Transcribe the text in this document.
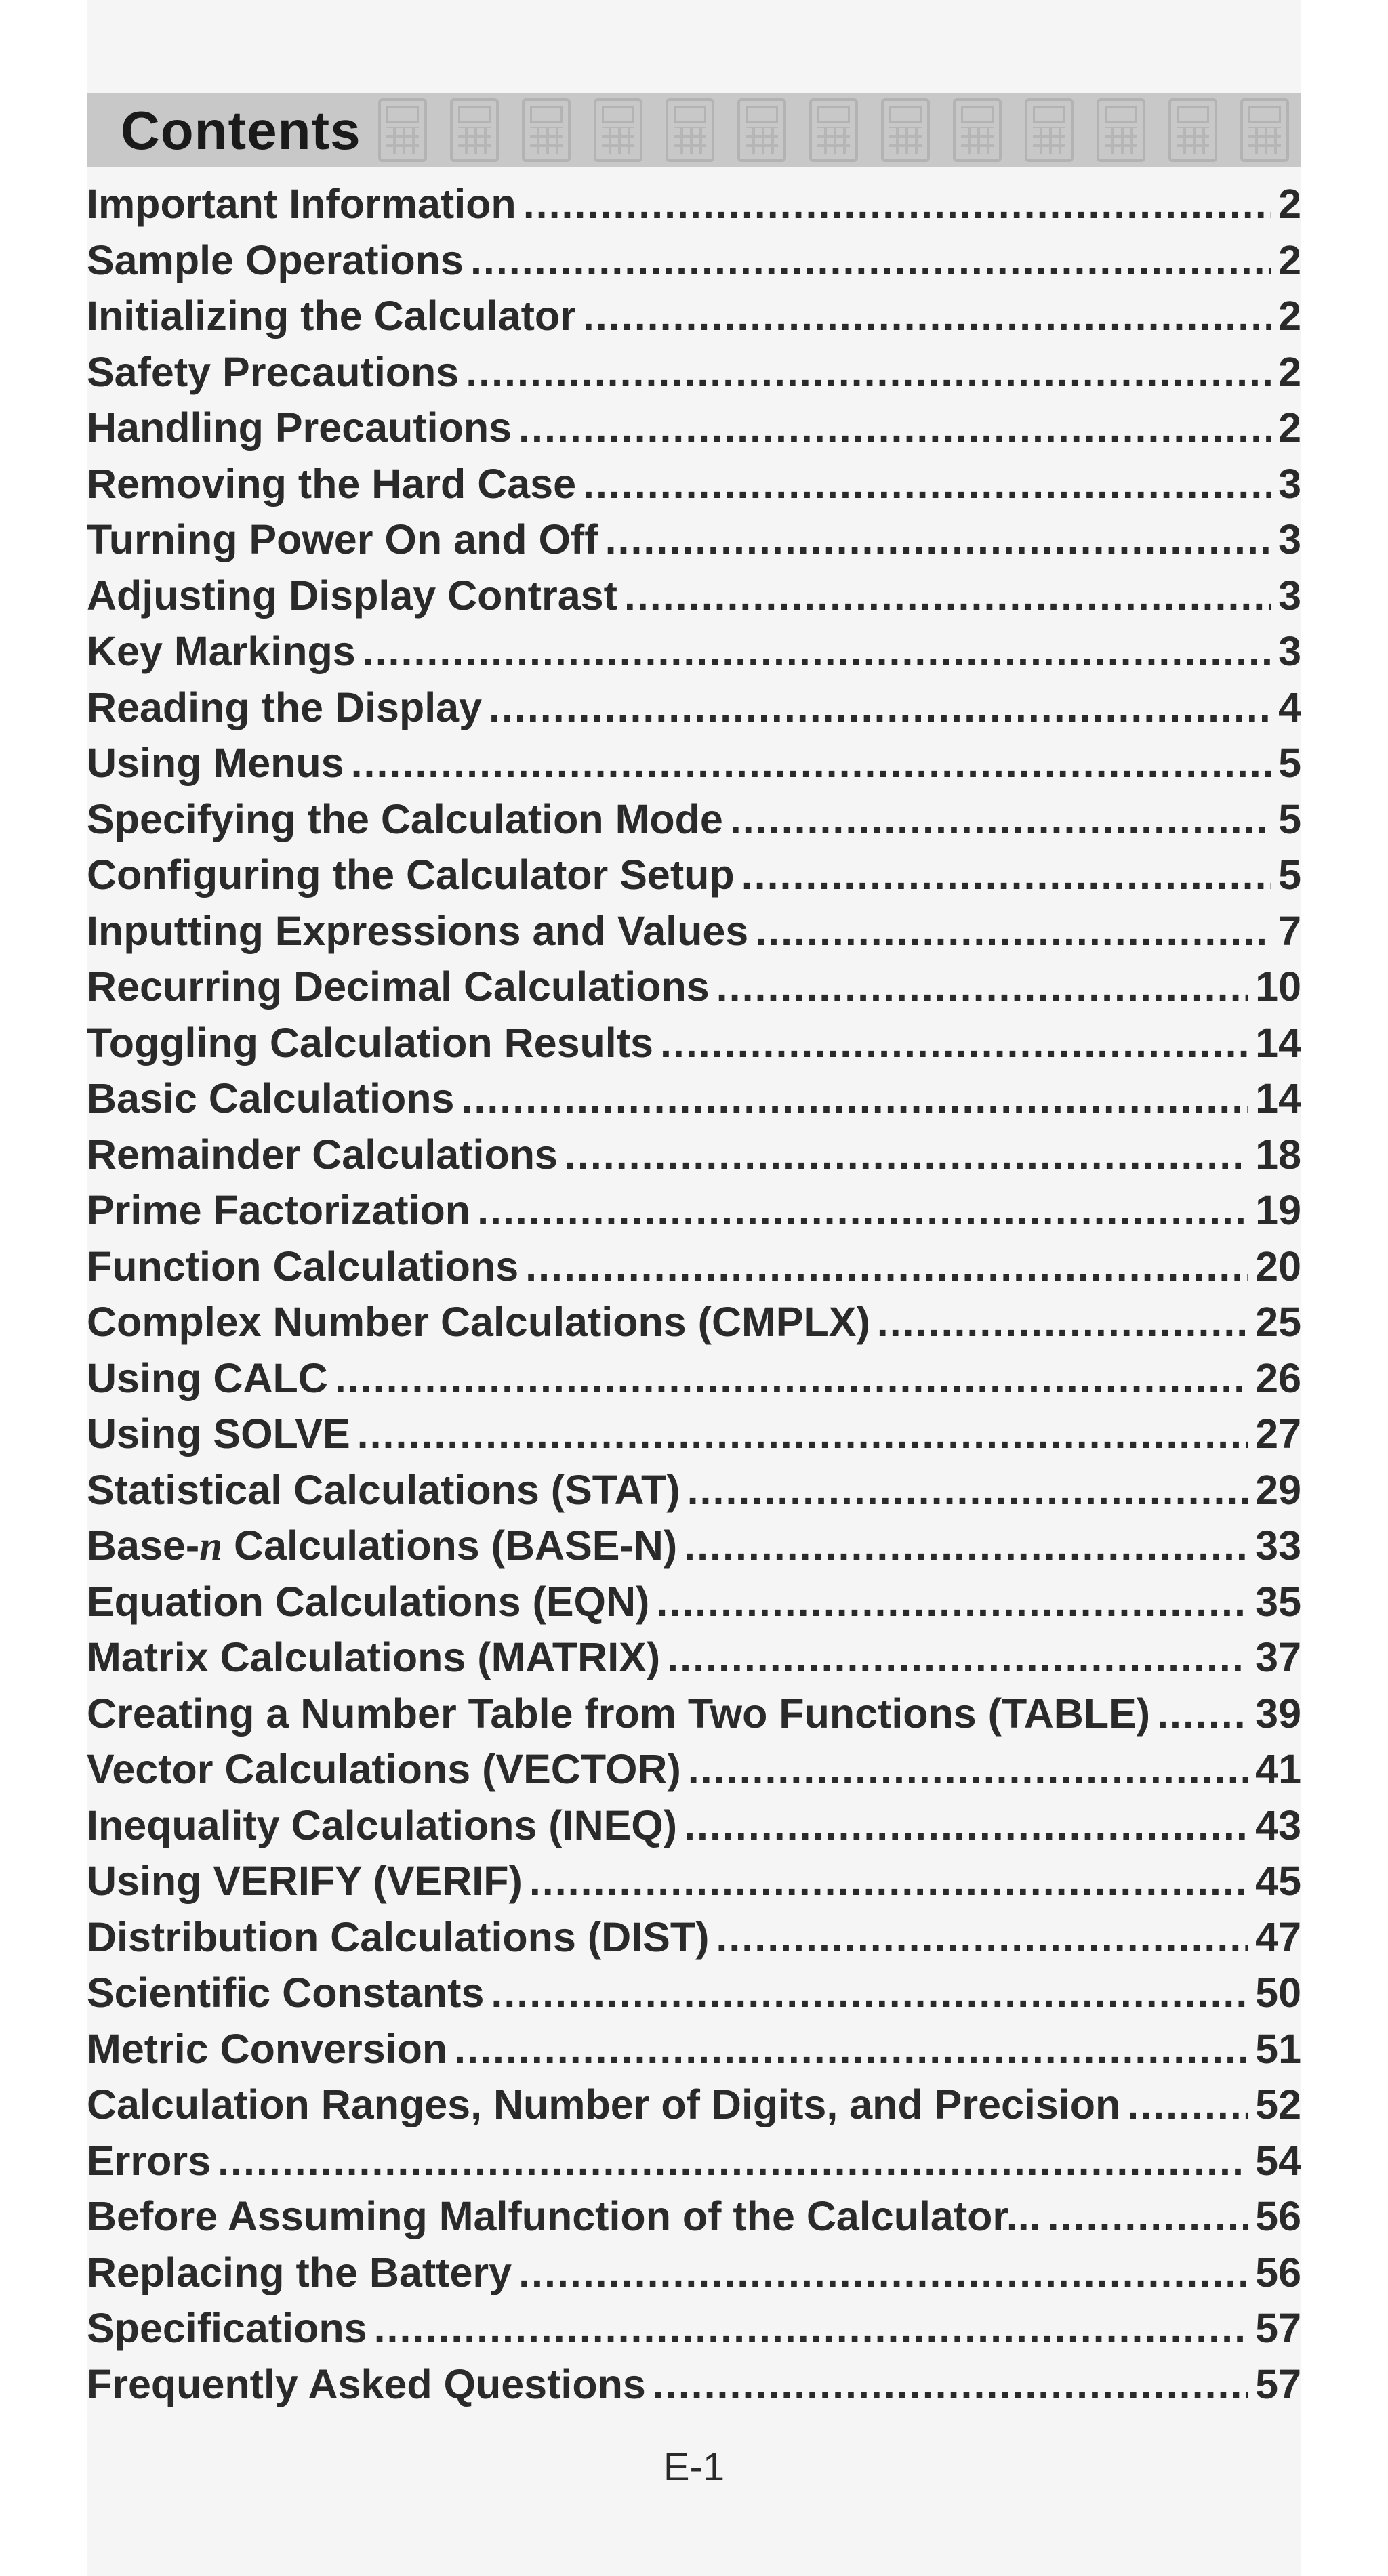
Contents
Important Information .....	2
Sample Operations .....	2
Initializing the Calculator .....	2
Safety Precautions .....	2
Handling Precautions .....	2
Removing the Hard Case .....	3
Turning Power On and Off .....	3
Adjusting Display Contrast .....	3
Key Markings .....	3
Reading the Display .....	4
Using Menus .....	5
Specifying the Calculation Mode .....	5
Configuring the Calculator Setup .....	5
Inputting Expressions and Values .....	7
Recurring Decimal Calculations .....	10
Toggling Calculation Results .....	14
Basic Calculations .....	14
Remainder Calculations .....	18
Prime Factorization .....	19
Function Calculations .....	20
Complex Number Calculations (CMPLX) .....	25
Using CALC .....	26
Using SOLVE .....	27
Statistical Calculations (STAT) .....	29
Base-n Calculations (BASE-N) .....	33
Equation Calculations (EQN) .....	35
Matrix Calculations (MATRIX) .....	37
Creating a Number Table from Two Functions (TABLE) .....	39
Vector Calculations (VECTOR) .....	41
Inequality Calculations (INEQ) .....	43
Using VERIFY (VERIF) .....	45
Distribution Calculations (DIST) .....	47
Scientific Constants .....	50
Metric Conversion .....	51
Calculation Ranges, Number of Digits, and Precision .....	52
Errors .....	54
Before Assuming Malfunction of the Calculator... .....	56
Replacing the Battery .....	56
Specifications .....	57
Frequently Asked Questions .....	57
E-1
